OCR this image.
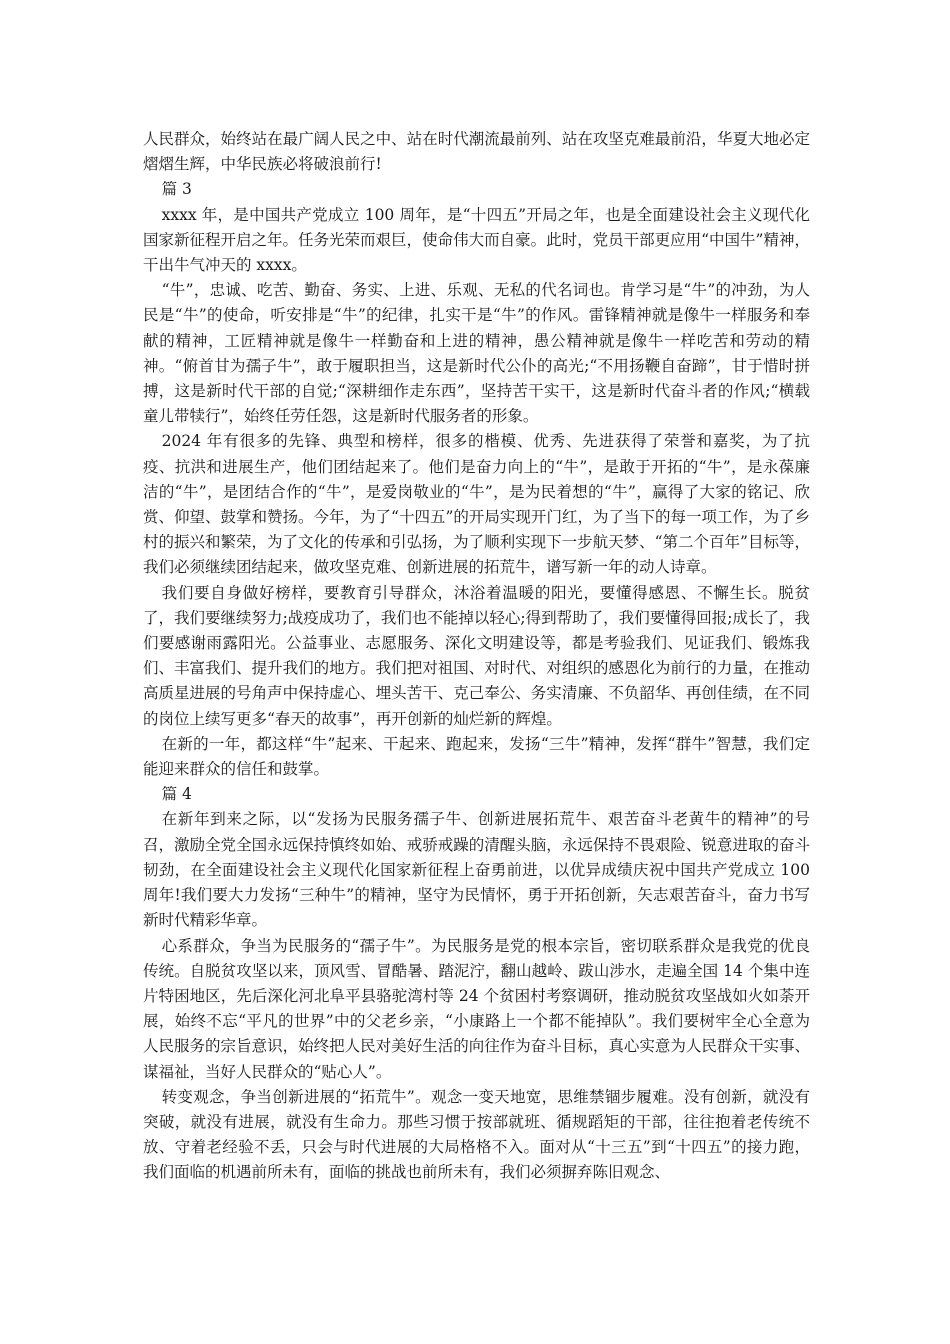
人民群众，始终站在最广阔人民之中、站在时代潮流最前列、站在攻坚克难最前沿，华夏大地必定熠熠生辉，中华民族必将破浪前行!

篇 3

xxxx 年，是中国共产党成立 100 周年，是“十四五”开局之年，也是全面建设社会主义现代化国家新征程开启之年。任务光荣而艰巨，使命伟大而自豪。此时，党员干部更应用“中国牛”精神，干出牛气冲天的 xxxx。

“牛”，忠诚、吃苦、勤奋、务实、上进、乐观、无私的代名词也。肯学习是“牛”的冲劲，为人民是“牛”的使命，听安排是“牛”的纪律，扎实干是“牛”的作风。雷锋精神就是像牛一样服务和奉献的精神，工匠精神就是像牛一样勤奋和上进的精神，愚公精神就是像牛一样吃苦和劳动的精神。“俯首甘为孺子牛”，敢于履职担当，这是新时代公仆的高光;“不用扬鞭自奋蹄”，甘于惜时拼搏，这是新时代干部的自觉;“深耕细作走东西”，坚持苦干实干，这是新时代奋斗者的作风;“横载童儿带犊行”，始终任劳任怨，这是新时代服务者的形象。

2024 年有很多的先锋、典型和榜样，很多的楷模、优秀、先进获得了荣誉和嘉奖，为了抗疫、抗洪和进展生产，他们团结起来了。他们是奋力向上的“牛”，是敢于开拓的“牛”，是永葆廉洁的“牛”，是团结合作的“牛”，是爱岗敬业的“牛”，是为民着想的“牛”，赢得了大家的铭记、欣赏、仰望、鼓掌和赞扬。今年，为了“十四五”的开局实现开门红，为了当下的每一项工作，为了乡村的振兴和繁荣，为了文化的传承和引弘扬，为了顺利实现下一步航天梦、“第二个百年”目标等，我们必须继续团结起来，做攻坚克难、创新进展的拓荒牛，谱写新一年的动人诗章。

我们要自身做好榜样，要教育引导群众，沐浴着温暖的阳光，要懂得感恩、不懈生长。脱贫了，我们要继续努力;战疫成功了，我们也不能掉以轻心;得到帮助了，我们要懂得回报;成长了，我们要感谢雨露阳光。公益事业、志愿服务、深化文明建设等，都是考验我们、见证我们、锻炼我们、丰富我们、提升我们的地方。我们把对祖国、对时代、对组织的感恩化为前行的力量，在推动高质星进展的号角声中保持虚心、埋头苦干、克己奉公、务实清廉、不负韶华、再创佳绩，在不同的岗位上续写更多“春天的故事”，再开创新的灿烂新的辉煌。

在新的一年，都这样“牛”起来、干起来、跑起来，发扬“三牛”精神，发挥“群牛”智慧，我们定能迎来群众的信任和鼓掌。

篇 4

在新年到来之际，以“发扬为民服务孺子牛、创新进展拓荒牛、艰苦奋斗老黄牛的精神”的号召，激励全党全国永远保持慎终如始、戒骄戒躁的清醒头脑，永远保持不畏艰险、锐意进取的奋斗韧劲，在全面建设社会主义现代化国家新征程上奋勇前进，以优异成绩庆祝中国共产党成立 100 周年!我们要大力发扬“三种牛”的精神，坚守为民情怀，勇于开拓创新，矢志艰苦奋斗，奋力书写新时代精彩华章。

心系群众，争当为民服务的“孺子牛”。为民服务是党的根本宗旨，密切联系群众是我党的优良传统。自脱贫攻坚以来，顶风雪、冒酷暑、踏泥泞，翻山越岭、跋山涉水，走遍全国 14 个集中连片特困地区，先后深化河北阜平县骆驼湾村等 24 个贫困村考察调研，推动脱贫攻坚战如火如荼开展，始终不忘“平凡的世界”中的父老乡亲，“小康路上一个都不能掉队”。我们要树牢全心全意为人民服务的宗旨意识，始终把人民对美好生活的向往作为奋斗目标，真心实意为人民群众干实事、谋福祉，当好人民群众的“贴心人”。

转变观念，争当创新进展的“拓荒牛”。观念一变天地宽，思维禁锢步履难。没有创新，就没有突破，就没有进展，就没有生命力。那些习惯于按部就班、循规蹈矩的干部，往往抱着老传统不放、守着老经验不丢，只会与时代进展的大局格格不入。面对从“十三五”到“十四五”的接力跑，我们面临的机遇前所未有，面临的挑战也前所未有，我们必须摒弃陈旧观念、
